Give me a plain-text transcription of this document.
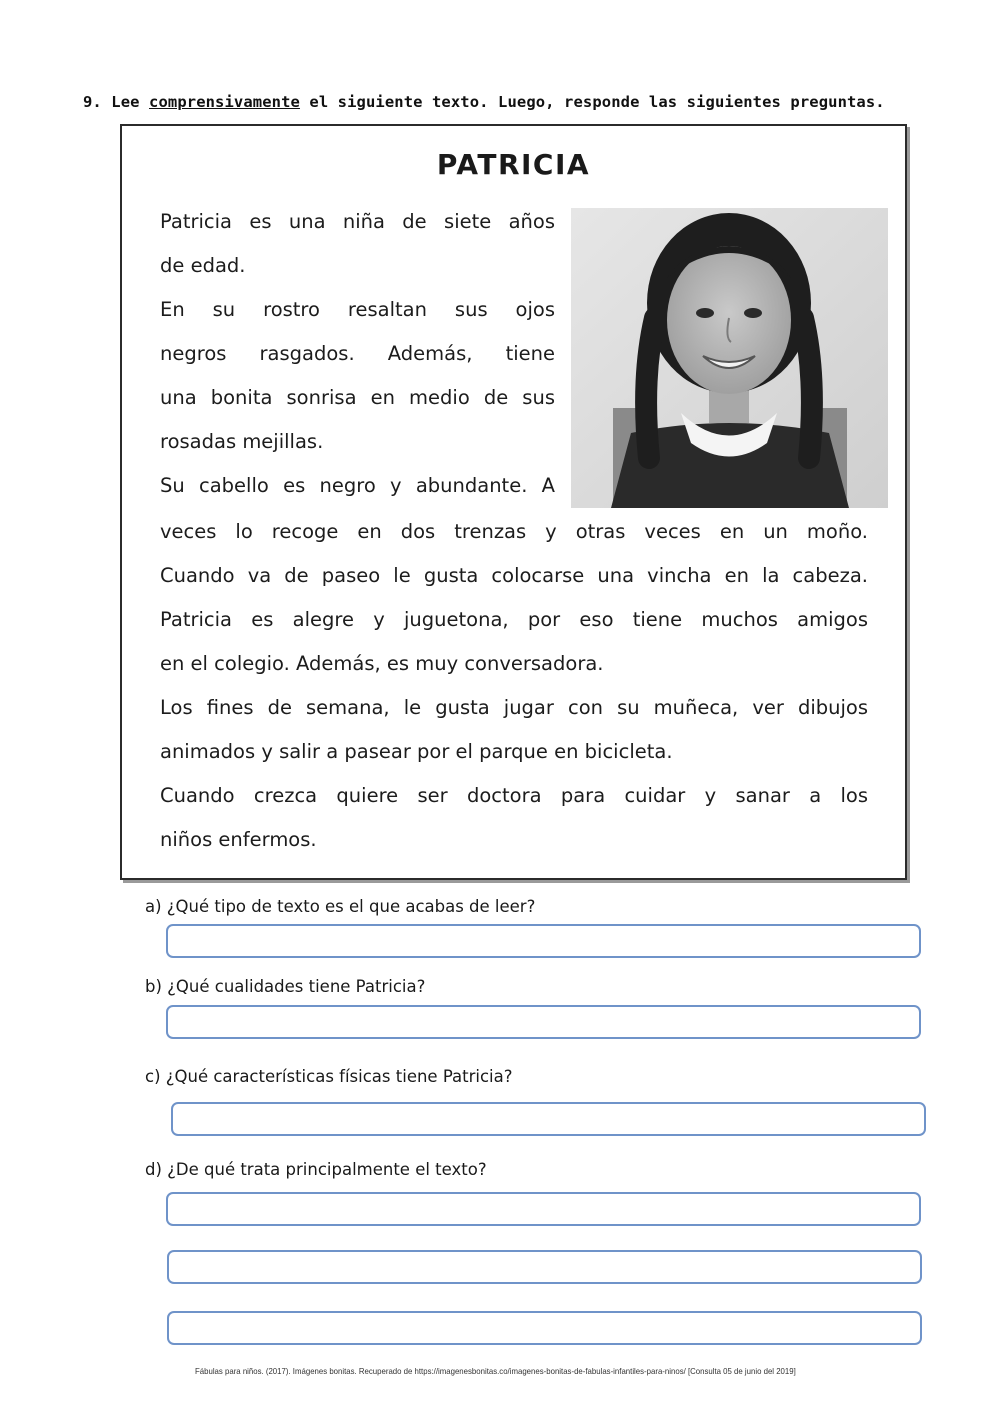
9. Lee comprensivamente el siguiente texto. Luego, responde las siguientes preguntas.
PATRICIA
Patricia es una niña de siete años
de edad.
En su rostro resaltan sus ojos
negros rasgados. Además, tiene
una bonita sonrisa en medio de sus
rosadas mejillas.
Su cabello es negro y abundante. A
veces lo recoge en dos trenzas y otras veces en un moño.
Cuando va de paseo le gusta colocarse una vincha en la cabeza.
Patricia es alegre y juguetona, por eso tiene muchos amigos
en el colegio. Además, es muy conversadora.
Los fines de semana, le gusta jugar con su muñeca, ver dibujos
animados y salir a pasear por el parque en bicicleta.
Cuando crezca quiere ser doctora para cuidar y sanar a los
niños enfermos.
a) ¿Qué tipo de texto es el que acabas de leer?
b) ¿Qué cualidades tiene Patricia?
c) ¿Qué características físicas tiene Patricia?
d) ¿De qué trata principalmente el texto?
Fábulas para niños. (2017). Imágenes bonitas. Recuperado de https://imagenesbonitas.co/imagenes-bonitas-de-fabulas-infantiles-para-ninos/ [Consulta 05 de junio del 2019]
